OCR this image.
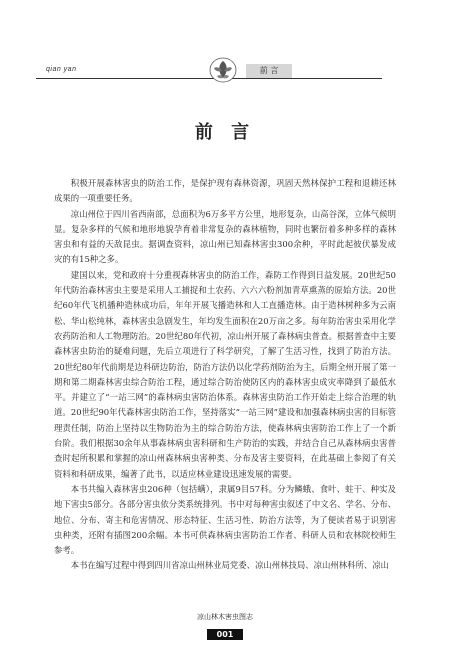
qian yan	前 言
前 言

积极开展森林害虫的防治工作，是保护现有森林资源，巩固天然林保护工程和退耕还林成果的一项重要任务。

凉山州位于四川省西南部，总面积为6万多平方公里，地形复杂，山高谷深，立体气候明显。复杂多样的气候和地形地貌孕育着非常复杂的森林植物，同时也繁衍着多种多样的森林害虫和有益的天敌昆虫。据调查资料，凉山州已知森林害虫300余种，平时此起彼伏暴发成灾的有15种之多。

建国以来，党和政府十分重视森林害虫的防治工作，森防工作得到日益发展。20世纪50年代防治森林害虫主要是采用人工捕捉和土农药、六六六粉剂加青草熏蒸的原始方法。20世纪60年代飞机播种造林成功后，年年开展飞播造林和人工直播造林。由于造林树种多为云南松、华山松纯林，森林害虫急剧发生，年均发生面积在20万亩之多。每年防治害虫采用化学农药防治和人工物理防治。20世纪80年代初，凉山州开展了森林病虫普查。根据普查中主要森林害虫防治的疑难问题，先后立项进行了科学研究，了解了生活习性，找到了防治方法。20世纪80年代前期是边科研边防治，防治方法仍以化学药剂防治为主，后期全州开展了第一期和第二期森林害虫综合防治工程，通过综合防治使防区内的森林害虫成灾率降到了最低水平。并建立了“一站三网”的森林病虫害防治体系。森林害虫防治工作开始走上综合治理的轨道。20世纪90年代森林害虫防治工作，坚持落实“一站三网”建设和加强森林病虫害的目标管理责任制，防治上坚持以生物防治为主的综合防治方法，使森林病虫害防治工作上了一个新台阶。我们根据30余年从事森林病虫害科研和生产防治的实践，并结合自己从森林病虫害普查时起所积累和掌握的凉山州森林病虫害种类、分布及害主要资料，在此基础上参阅了有关资料和科研成果，编著了此书，以适应林业建设迅速发展的需要。

本书共编入森林害虫206种（包括螨），隶属9目57科。分为鳞蛾、食叶、蛀干、种实及地下害虫5部分。各部分害虫依分类系统排列。书中对每种害虫叙述了中文名、学名、分布、地位、分布、寄主和危害情况、形态特征、生活习性、防治方法等，为了便读者易于识别害虫种类，还附有插图200余幅。本书可供森林病虫害防治工作者、科研人员和农林院校师生参考。

本书在编写过程中得到四川省凉山州林业局党委、凉山州林技局、凉山州林科所、凉山

凉山林木害虫图志
001
